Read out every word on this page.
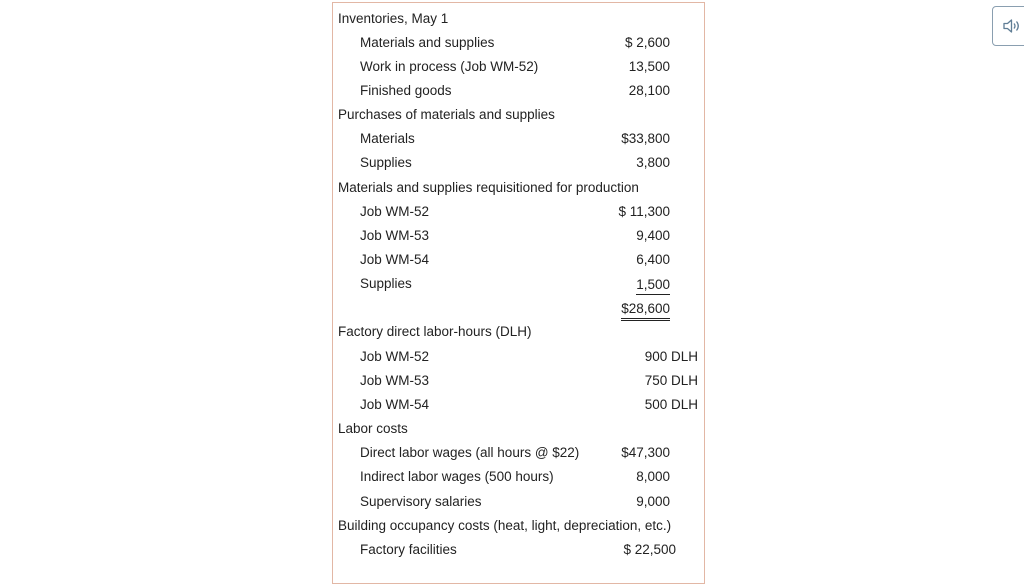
Inventories, May 1
Materials and supplies	$ 2,600
Work in process (Job WM-52)	13,500
Finished goods	28,100
Purchases of materials and supplies
Materials	$33,800
Supplies	3,800
Materials and supplies requisitioned for production
Job WM-52	$ 11,300
Job WM-53	9,400
Job WM-54	6,400
Supplies	1,500
$28,600
Factory direct labor-hours (DLH)
Job WM-52	900 DLH
Job WM-53	750 DLH
Job WM-54	500 DLH
Labor costs
Direct labor wages (all hours @ $22)	$47,300
Indirect labor wages (500 hours)	8,000
Supervisory salaries	9,000
Building occupancy costs (heat, light, depreciation, etc.)
Factory facilities	$ 22,500
